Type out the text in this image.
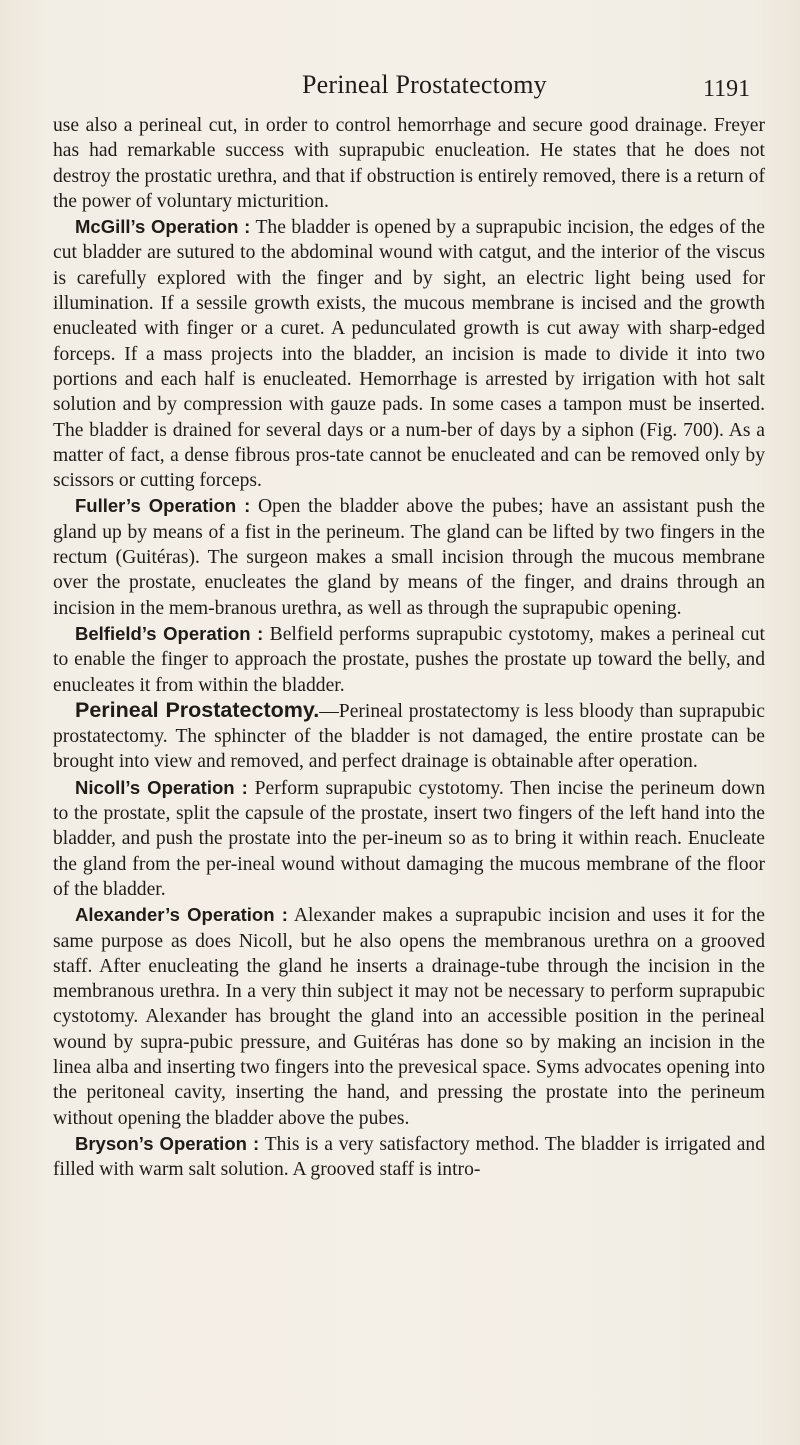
Perineal Prostatectomy	1191

use also a perineal cut, in order to control hemorrhage and secure good drainage. Freyer has had remarkable success with suprapubic enucleation. He states that he does not destroy the prostatic urethra, and that if obstruction is entirely removed, there is a return of the power of voluntary micturition.

McGill’s Operation : The bladder is opened by a suprapubic incision, the edges of the cut bladder are sutured to the abdominal wound with catgut, and the interior of the viscus is carefully explored with the finger and by sight, an electric light being used for illumination. If a sessile growth exists, the mucous membrane is incised and the growth enucleated with finger or a curet. A pedunculated growth is cut away with sharp-edged forceps. If a mass projects into the bladder, an incision is made to divide it into two portions and each half is enucleated. Hemorrhage is arrested by irrigation with hot salt solution and by compression with gauze pads. In some cases a tampon must be inserted. The bladder is drained for several days or a num-ber of days by a siphon (Fig. 700). As a matter of fact, a dense fibrous pros-tate cannot be enucleated and can be removed only by scissors or cutting forceps.

Fuller’s Operation : Open the bladder above the pubes; have an assistant push the gland up by means of a fist in the perineum. The gland can be lifted by two fingers in the rectum (Guitéras). The surgeon makes a small incision through the mucous membrane over the prostate, enucleates the gland by means of the finger, and drains through an incision in the mem-branous urethra, as well as through the suprapubic opening.

Belfield’s Operation : Belfield performs suprapubic cystotomy, makes a perineal cut to enable the finger to approach the prostate, pushes the prostate up toward the belly, and enucleates it from within the bladder.

Perineal Prostatectomy.—Perineal prostatectomy is less bloody than suprapubic prostatectomy. The sphincter of the bladder is not damaged, the entire prostate can be brought into view and removed, and perfect drainage is obtainable after operation.

Nicoll’s Operation : Perform suprapubic cystotomy. Then incise the perineum down to the prostate, split the capsule of the prostate, insert two fingers of the left hand into the bladder, and push the prostate into the per-ineum so as to bring it within reach. Enucleate the gland from the per-ineal wound without damaging the mucous membrane of the floor of the bladder.

Alexander’s Operation : Alexander makes a suprapubic incision and uses it for the same purpose as does Nicoll, but he also opens the membranous urethra on a grooved staff. After enucleating the gland he inserts a drainage-tube through the incision in the membranous urethra. In a very thin subject it may not be necessary to perform suprapubic cystotomy. Alexander has brought the gland into an accessible position in the perineal wound by supra-pubic pressure, and Guitéras has done so by making an incision in the linea alba and inserting two fingers into the prevesical space. Syms advocates opening into the peritoneal cavity, inserting the hand, and pressing the prostate into the perineum without opening the bladder above the pubes.

Bryson’s Operation : This is a very satisfactory method. The bladder is irrigated and filled with warm salt solution. A grooved staff is intro-
